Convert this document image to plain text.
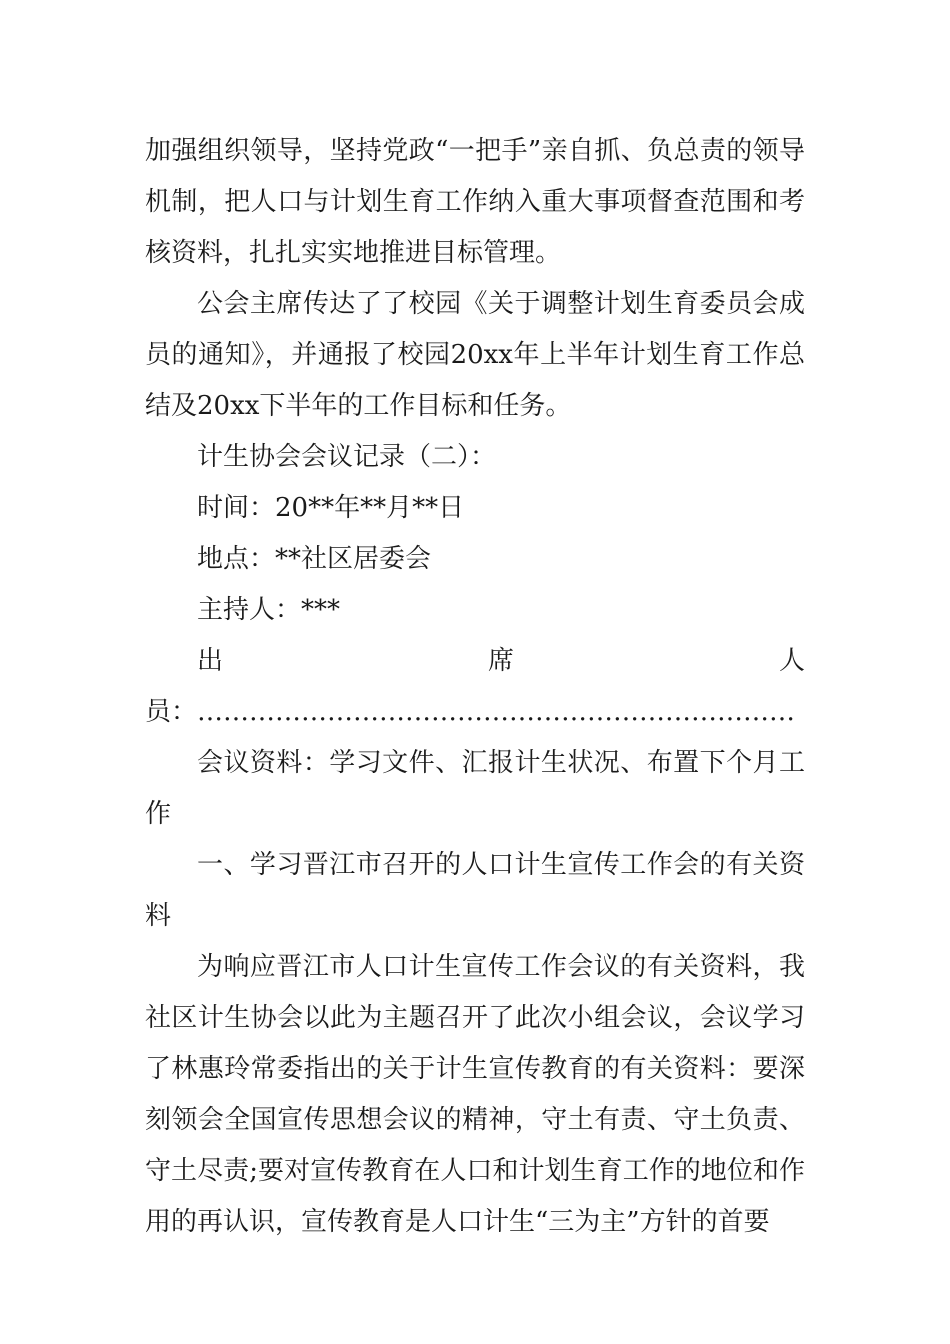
加强组织领导，坚持党政“一把手”亲自抓、负总责的领导机制，把人口与计划生育工作纳入重大事项督查范围和考核资料，扎扎实实地推进目标管理。

公会主席传达了了校园《关于调整计划生育委员会成员的通知》，并通报了校园20xx年上半年计划生育工作总结及20xx下半年的工作目标和任务。

计生协会会议记录（二）：

时间：20**年**月**日

地点：**社区居委会

主持人：***

出席人员：……………………………………………………………

会议资料：学习文件、汇报计生状况、布置下个月工作

一、学习晋江市召开的人口计生宣传工作会的有关资料

为响应晋江市人口计生宣传工作会议的有关资料，我社区计生协会以此为主题召开了此次小组会议，会议学习了林惠玲常委指出的关于计生宣传教育的有关资料：要深刻领会全国宣传思想会议的精神，守土有责、守土负责、守土尽责;要对宣传教育在人口和计划生育工作的地位和作用的再认识，宣传教育是人口计生“三为主”方针的首要
